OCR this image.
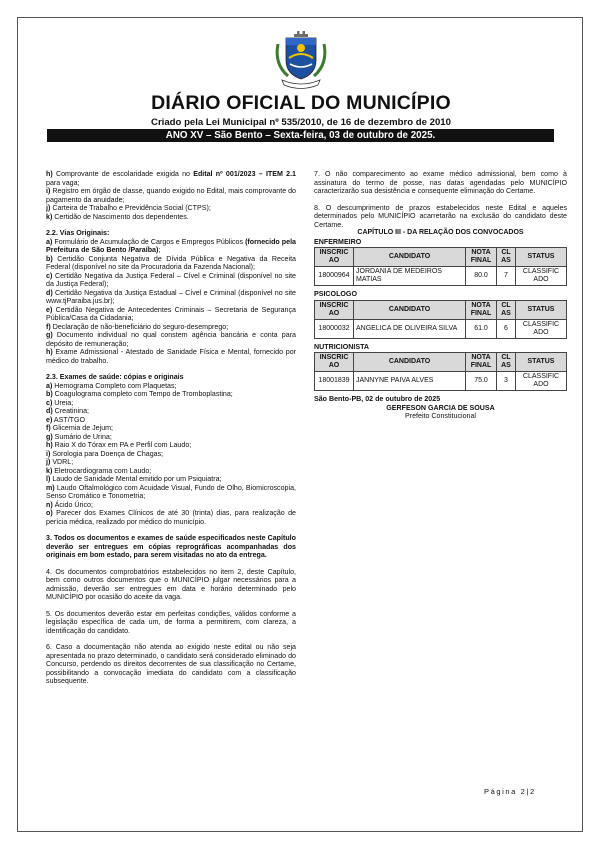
DIÁRIO OFICIAL DO MUNICÍPIO
Criado pela Lei Municipal nº 535/2010, de 16 de dezembro de 2010
ANO XV – São Bento – Sexta-feira, 03 de outubro de 2025.

h) Comprovante de escolaridade exigida no Edital nº 001/2023 – ITEM 2.1 para vaga;

i) Registro em órgão de classe, quando exigido no Edital, mais comprovante do pagamento da anuidade;

j) Carteira de Trabalho e Previdência Social (CTPS);

k) Certidão de Nascimento dos dependentes.

2.2. Vias Originais:

a) Formulário de Acumulação de Cargos e Empregos Públicos (fornecido pela Prefeitura de São Bento /Paraíba);

b) Certidão Conjunta Negativa de Dívida Pública e Negativa da Receita Federal (disponível no site da Procuradoria da Fazenda Nacional);

c) Certidão Negativa da Justiça Federal – Cível e Criminal (disponível no site da Justiça Federal);

d) Certidão Negativa da Justiça Estadual – Cível e Criminal (disponível no site www.tjParaiba.jus.br);

e) Certidão Negativa de Antecedentes Criminais – Secretaria de Segurança Pública/Casa da Cidadania;

f) Declaração de não-beneficiário do seguro-desemprego;

g) Documento individual no qual constem agência bancária e conta para depósito de remuneração;

h) Exame Admissional - Atestado de Sanidade Física e Mental, fornecido por médico do trabalho.

2.3. Exames de saúde: cópias e originais

a) Hemograma Completo com Plaquetas;

b) Coagulograma completo com Tempo de Tromboplastina;

c) Ureia;

d) Creatinina;

e) AST/TGO

f) Glicemia de Jejum;

g) Sumário de Urina;

h) Raio X do Tórax em PA e Perfil com Laudo;

i) Sorologia para Doença de Chagas;

j) VDRL;

k) Eletrocardiograma com Laudo;

l) Laudo de Sanidade Mental emitido por um Psiquiatra;

m) Laudo Oftalmológico com Acuidade Visual, Fundo de Olho, Biomicroscopia, Senso Cromático e Tonometria;

n) Ácido Úrico;

o) Parecer dos Exames Clínicos de até 30 (trinta) dias, para realização de perícia médica, realizado por médico do município.

3. Todos os documentos e exames de saúde especificados neste Capítulo deverão ser entregues em cópias reprográficas acompanhadas dos originais em bom estado, para serem visitadas no ato da entrega.

4. Os documentos comprobatórios estabelecidos no item 2, deste Capítulo, bem como outros documentos que o MUNICÍPIO julgar necessários para a admissão, deverão ser entregues em data e horário determinado pelo MUNICÍPIO por ocasião do aceite da vaga.

5. Os documentos deverão estar em perfeitas condições, válidos conforme a legislação específica de cada um, de forma a permitirem, com clareza, a identificação do candidato.

6. Caso a documentação não atenda ao exigido neste edital ou não seja apresentada no prazo determinado, o candidato será considerado eliminado do Concurso, perdendo os direitos decorrentes de sua classificação no Certame, possibilitando a convocação imediata do candidato com a classificação subsequente.

7. O não comparecimento ao exame médico admissional, bem como à assinatura do termo de posse, nas datas agendadas pelo MUNICÍPIO caracterizarão sua desistência e consequente eliminação do Certame.

8. O descumprimento de prazos estabelecidos neste Edital e aqueles determinados pelo MUNICÍPIO acarretarão na exclusão do candidato deste Certame.

CAPÍTULO III - DA RELAÇÃO DOS CONVOCADOS

ENFERMEIRO

INSCRIC AO	CANDIDATO	NOTA FINAL	CL AS	STATUS
18000964	JORDANIA DE MEDEIROS MATIAS	80.0	7	CLASSIFIC ADO

PSICOLOGO

INSCRIC AO	CANDIDATO	NOTA FINAL	CL AS	STATUS
18000032	ANGELICA DE OLIVEIRA SILVA	61.0	6	CLASSIFIC ADO

NUTRICIONISTA

INSCRIC AO	CANDIDATO	NOTA FINAL	CL AS	STATUS
18001839	JANNYNE PAIVA ALVES	75.0	3	CLASSIFIC ADO

São Bento-PB, 02 de outubro de 2025

GERFESON GARCIA DE SOUSA

Prefeito Constitucional

Página 2|2
